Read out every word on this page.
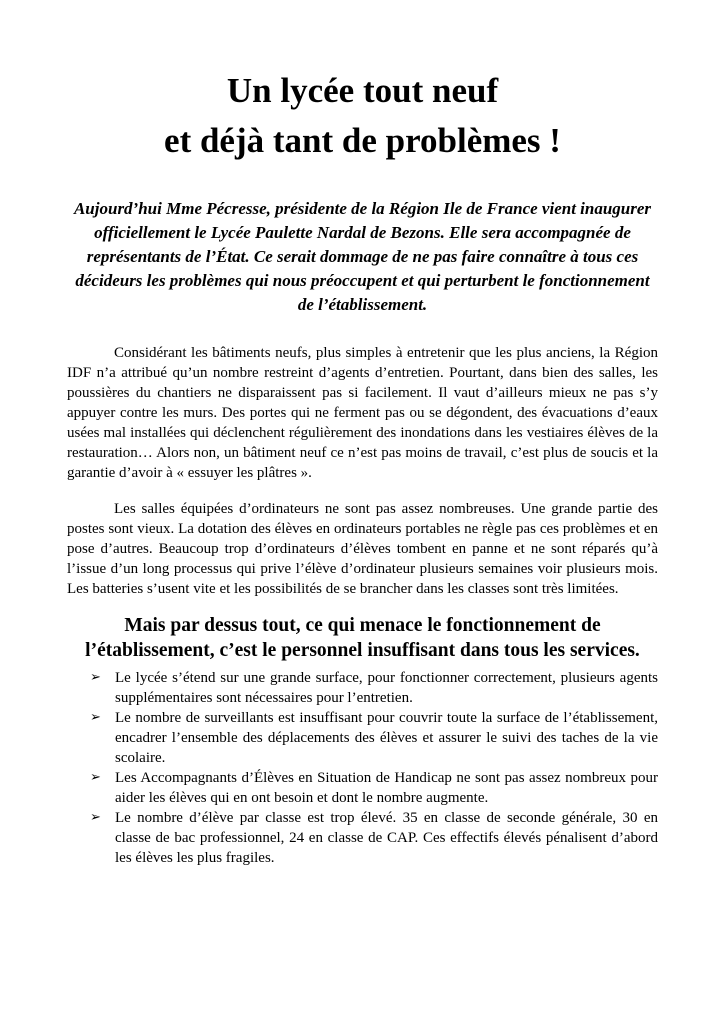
Un lycée tout neuf
et déjà tant de problèmes !

Aujourd’hui Mme Pécresse, présidente de la Région Ile de France vient inaugurer officiellement le Lycée Paulette Nardal de Bezons. Elle sera accompagnée de représentants de l’État. Ce serait dommage de ne pas faire connaître à tous ces décideurs les problèmes qui nous préoccupent et qui perturbent le fonctionnement de l’établissement.

Considérant les bâtiments neufs, plus simples à entretenir que les plus anciens, la Région IDF n’a attribué qu’un nombre restreint d’agents d’entretien. Pourtant, dans bien des salles, les poussières du chantiers ne disparaissent pas si facilement. Il vaut d’ailleurs mieux ne pas s’y appuyer contre les murs. Des portes qui ne ferment pas ou se dégondent, des évacuations d’eaux usées mal installées qui déclenchent régulièrement des inondations dans les vestiaires élèves de la restauration… Alors non, un bâtiment neuf ce n’est pas moins de travail, c’est plus de soucis et la garantie d’avoir à « essuyer les plâtres ».

Les salles équipées d’ordinateurs ne sont pas assez nombreuses. Une grande partie des postes sont vieux. La dotation des élèves en ordinateurs portables ne règle pas ces problèmes et en pose d’autres. Beaucoup trop d’ordinateurs d’élèves tombent en panne et ne sont réparés qu’à l’issue d’un long processus qui prive l’élève d’ordinateur plusieurs semaines voir plusieurs mois. Les batteries s’usent vite et les possibilités de se brancher dans les classes sont très limitées.

Mais par dessus tout, ce qui menace le fonctionnement de l’établissement, c’est le personnel insuffisant dans tous les services.
➢ Le lycée s’étend sur une grande surface, pour fonctionner correctement, plusieurs agents supplémentaires sont nécessaires pour l’entretien.
➢ Le nombre de surveillants est insuffisant pour couvrir toute la surface de l’établissement, encadrer l’ensemble des déplacements des élèves et assurer le suivi des taches de la vie scolaire.
➢ Les Accompagnants d’Élèves en Situation de Handicap ne sont pas assez nombreux pour aider les élèves qui en ont besoin et dont le nombre augmente.
➢ Le nombre d’élève par classe est trop élevé. 35 en classe de seconde générale, 30 en classe de bac professionnel, 24 en classe de CAP. Ces effectifs élevés pénalisent d’abord les élèves les plus fragiles.
